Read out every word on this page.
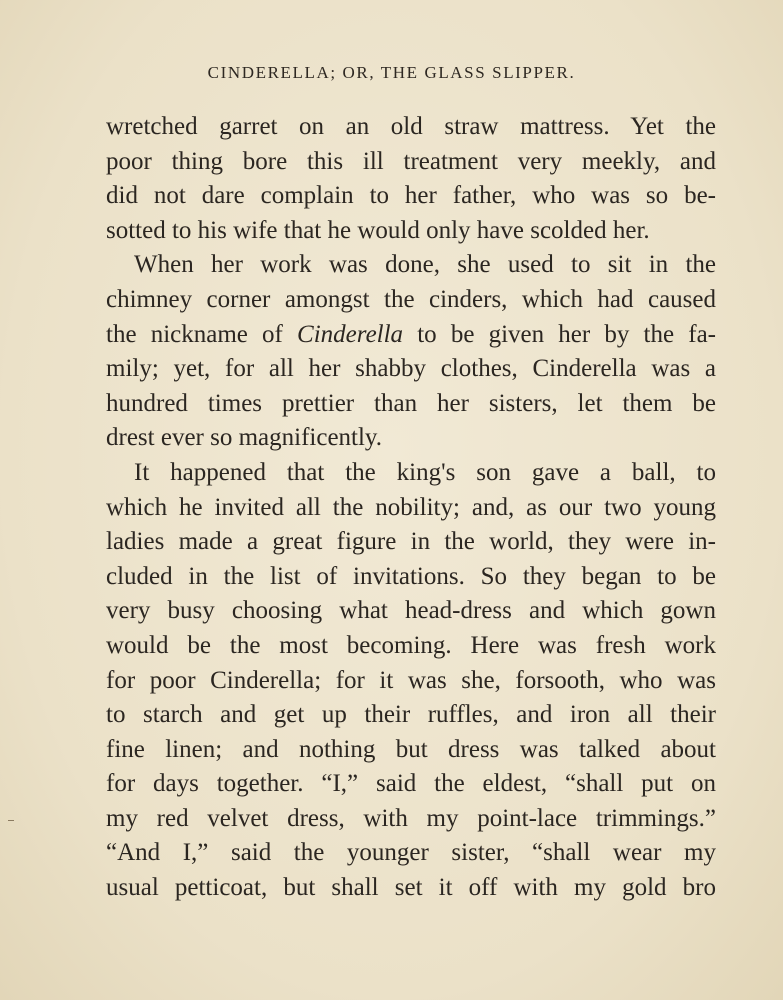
CINDERELLA; OR, THE GLASS SLIPPER.
wretched garret on an old straw mattress. Yet the
poor thing bore this ill treatment very meekly, and
did not dare complain to her father, who was so be-
sotted to his wife that he would only have scolded her.
When her work was done, she used to sit in the
chimney corner amongst the cinders, which had caused
the nickname of Cinderella to be given her by the fa-
mily; yet, for all her shabby clothes, Cinderella was a
hundred times prettier than her sisters, let them be
drest ever so magnificently.
It happened that the king's son gave a ball, to
which he invited all the nobility; and, as our two young
ladies made a great figure in the world, they were in-
cluded in the list of invitations. So they began to be
very busy choosing what head-dress and which gown
would be the most becoming. Here was fresh work
for poor Cinderella; for it was she, forsooth, who was
to starch and get up their ruffles, and iron all their
fine linen; and nothing but dress was talked about
for days together. “I,” said the eldest, “shall put on
my red velvet dress, with my point-lace trimmings.”
“And I,” said the younger sister, “shall wear my
usual petticoat, but shall set it off with my gold bro
